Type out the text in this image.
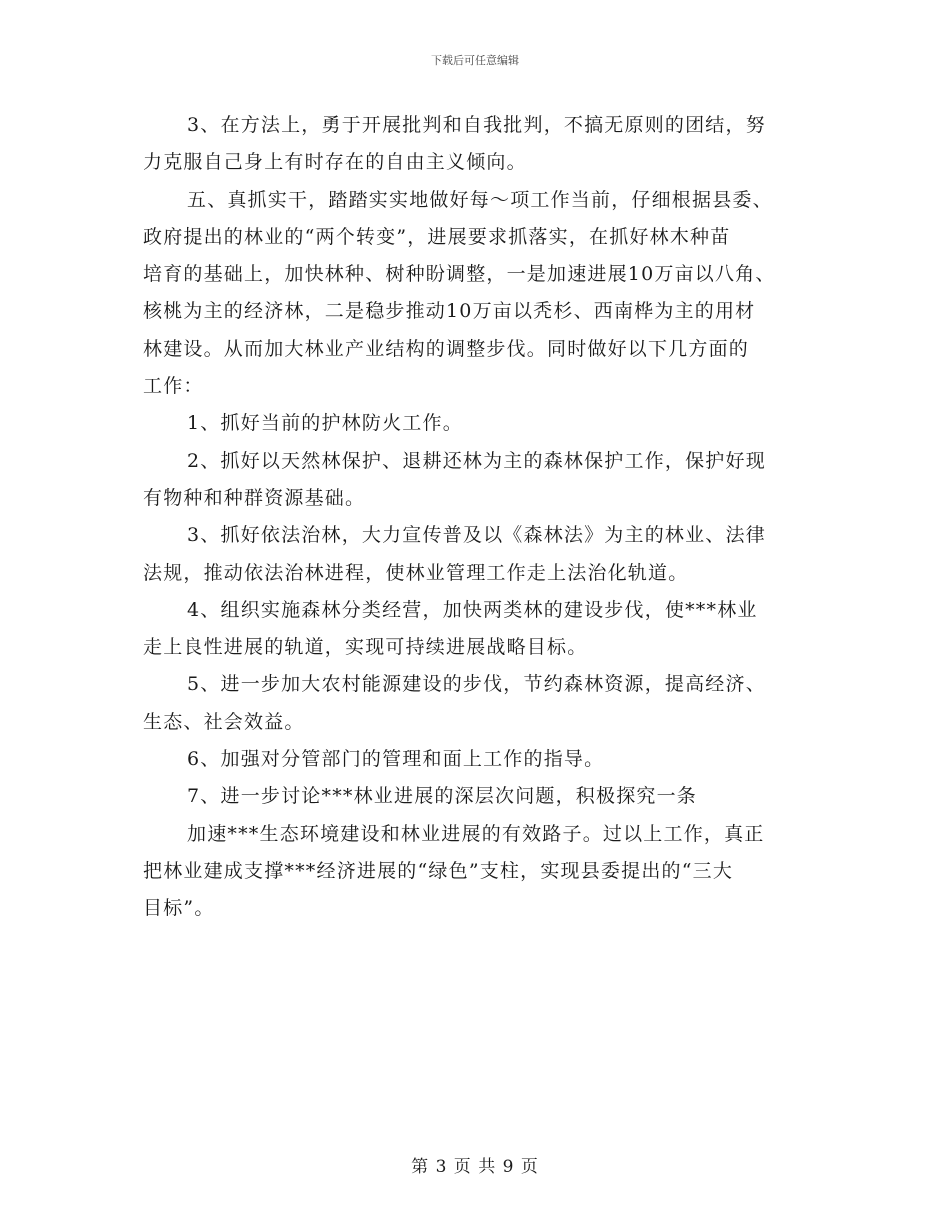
下载后可任意编辑
3、在方法上，勇于开展批判和自我批判，不搞无原则的团结，努
力克服自己身上有时存在的自由主义倾向。
五、真抓实干，踏踏实实地做好每～项工作当前，仔细根据县委、
政府提出的林业的“两个转变”，进展要求抓落实，在抓好林木种苗
培育的基础上，加快林种、树种盼调整，一是加速进展10万亩以八角、
核桃为主的经济林，二是稳步推动10万亩以秃杉、西南桦为主的用材
林建设。从而加大林业产业结构的调整步伐。同时做好以下几方面的
工作：
1、抓好当前的护林防火工作。
2、抓好以天然林保护、退耕还林为主的森林保护工作，保护好现
有物种和种群资源基础。
3、抓好依法治林，大力宣传普及以《森林法》为主的林业、法律
法规，推动依法治林进程，使林业管理工作走上法治化轨道。
4、组织实施森林分类经营，加快两类林的建设步伐，使***林业
走上良性进展的轨道，实现可持续进展战略目标。
5、进一步加大农村能源建设的步伐，节约森林资源，提高经济、
生态、社会效益。
6、加强对分管部门的管理和面上工作的指导。
7、进一步讨论***林业进展的深层次问题，积极探究一条
加速***生态环境建设和林业进展的有效路子。过以上工作，真正
把林业建成支撑***经济进展的“绿色”支柱，实现县委提出的“三大
目标”。
第 3 页 共 9 页
